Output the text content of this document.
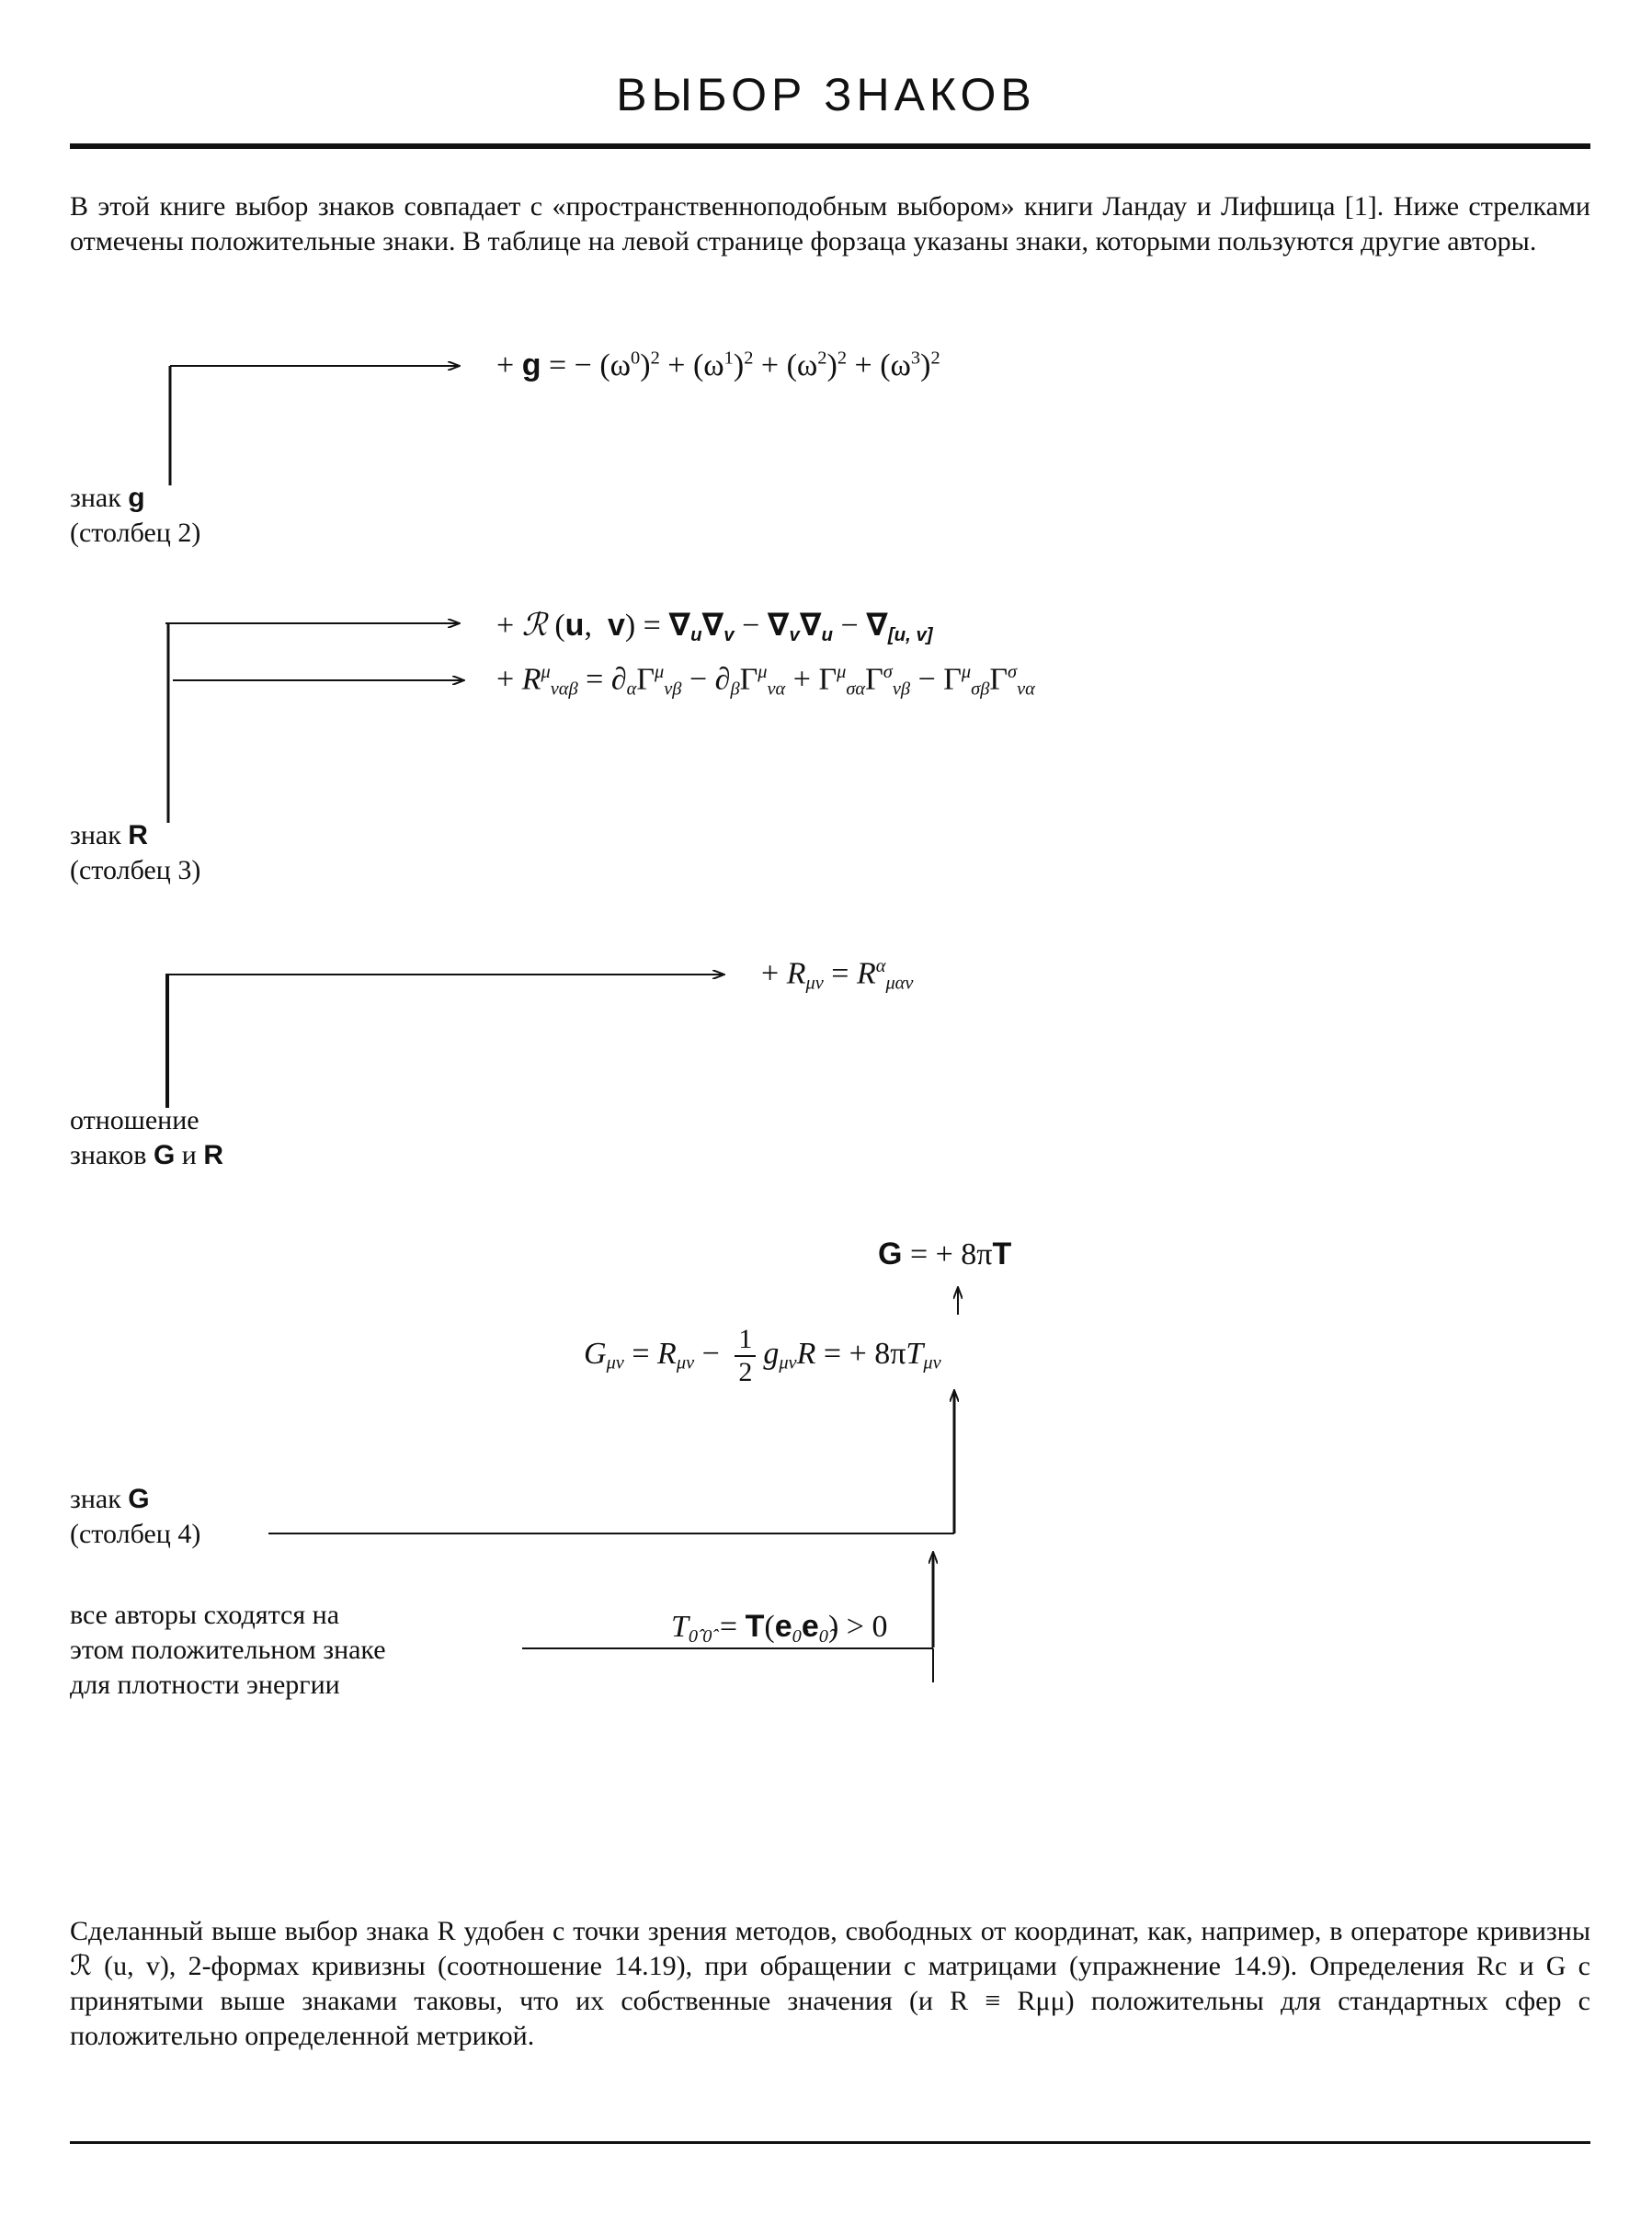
ВЫБОР ЗНАКОВ
В этой книге выбор знаков совпадает с «пространственноподобным выбором» книги Ландау и Лифшица [1]. Ниже стрелками отмечены положительные знаки. В таблице на левой странице форзаца указаны знаки, которыми пользуются другие авторы.
+ g = − $(\omega^0)^2 + (\omega^1)^2 + (\omega^2)^2 + (\omega^3)^2$
знак g
(столбец 2)
+ ℛ (u,  $v) = \nabla_u\nabla_v - \nabla_v\nabla_u - \nabla_{[u, v]}$
+ $R^\mu_{\nu\alpha\beta} = \partial_\alpha\Gamma^\mu_{\nu\beta} - \partial_\beta\Gamma^\mu_{\nu\alpha} + \Gamma^\mu_{\sigma\alpha}\Gamma^\sigma_{\nu\beta} - \Gamma^\mu_{\sigma\beta}\Gamma^\sigma_{\nu\alpha}$
знак R
(столбец 3)
+ $R_{\mu\nu} = R^\alpha_{\mu\alpha\nu}$
отношение
знаков G и R
G = + 8πT
$G_{\mu\nu} = R_{\mu\nu} - \frac{1}{2} g_{\mu\nu}R$ = + $8\pi T_{\mu\nu}$
знак G
(столбец 4)
$T_{0̂ 0̂} = T(e_{0̂}e_{0̂}) > 0$
все авторы сходятся на
этом положительном знаке
для плотности энергии
Сделанный выше выбор знака R удобен с точки зрения методов, свободных от координат, как, например, в операторе кривизны ℛ (u, v), 2-формах кривизны (соотношение 14.19), при обращении с матрицами (упражнение 14.9). Определения Rc и G с принятыми выше знаками таковы, что их собственные значения (и R ≡ Rμμ) положительны для стандартных сфер с положительно определенной метрикой.
